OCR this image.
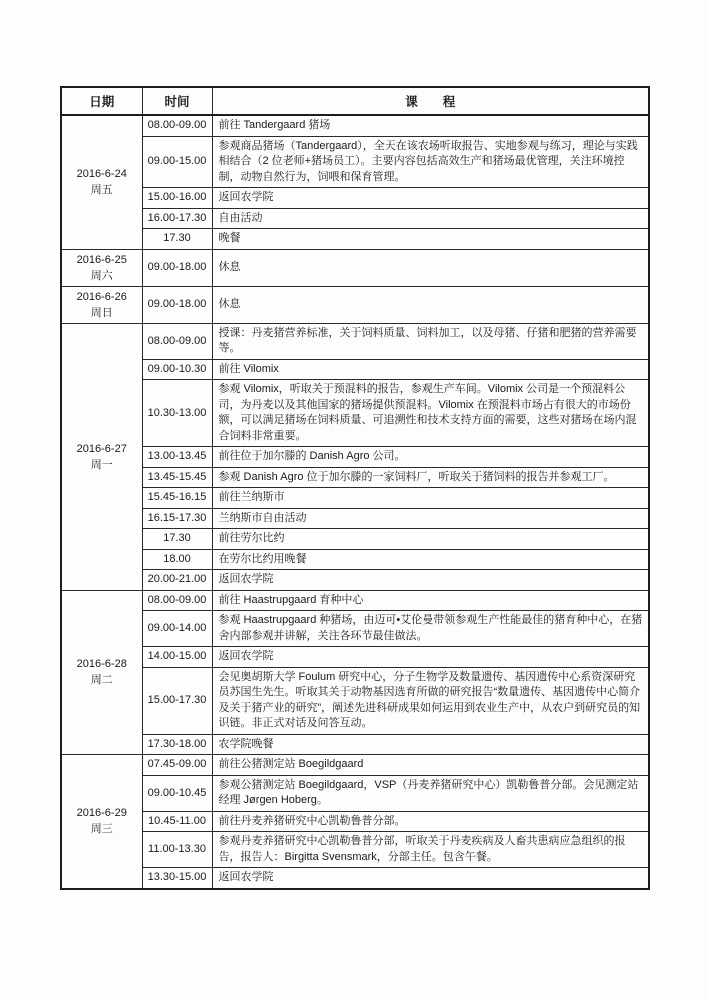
日期	时间	课　　程

2016-6-24
周五	08.00-09.00	前往 Tandergaard 猪场
	09.00-15.00	参观商品猪场（Tandergaard），全天在该农场听取报告、实地参观与练习，理论与实践相结合（2 位老师+猪场员工）。主要内容包括高效生产和猪场最优管理，关注环境控制，动物自然行为，饲喂和保育管理。
	15.00-16.00	返回农学院
	16.00-17.30	自由活动
	17.30	晚餐

2016-6-25
周六	09.00-18.00	休息

2016-6-26
周日	09.00-18.00	休息

2016-6-27
周一	08.00-09.00	授课：丹麦猪营养标准，关于饲料质量、饲料加工，以及母猪、仔猪和肥猪的营养需要等。
	09.00-10.30	前往 Vilomix
	10.30-13.00	参观 Vilomix，听取关于预混料的报告，参观生产车间。Vilomix 公司是一个预混料公司，为丹麦以及其他国家的猪场提供预混料。Vilomix 在预混料市场占有很大的市场份额，可以满足猪场在饲料质量、可追溯性和技术支持方面的需要，这些对猪场在场内混合饲料非常重要。
	13.00-13.45	前往位于加尔滕的 Danish Agro 公司。
	13.45-15.45	参观 Danish Agro 位于加尔滕的一家饲料厂，听取关于猪饲料的报告并参观工厂。
	15.45-16.15	前往兰纳斯市
	16.15-17.30	兰纳斯市自由活动
	17.30	前往劳尔比约
	18.00	在劳尔比约用晚餐
	20.00-21.00	返回农学院

2016-6-28
周二	08.00-09.00	前往 Haastrupgaard 育种中心
	09.00-14.00	参观 Haastrupgaard 种猪场，由迈可•艾伦曼带领参观生产性能最佳的猪育种中心，在猪舍内部参观并讲解，关注各环节最佳做法。
	14.00-15.00	返回农学院
	15.00-17.30	会见奥胡斯大学 Foulum 研究中心，分子生物学及数量遗传、基因遗传中心系资深研究员苏国生先生。听取其关于动物基因选育所做的研究报告“数量遗传、基因遗传中心简介及关于猪产业的研究”，阐述先进科研成果如何运用到农业生产中，从农户到研究员的知识链。非正式对话及问答互动。
	17.30-18.00	农学院晚餐

2016-6-29
周三	07.45-09.00	前往公猪测定站 Boegildgaard
	09.00-10.45	参观公猪测定站 Boegildgaard，VSP（丹麦养猪研究中心）凯勒鲁普分部。会见测定站经理 Jørgen Hoberg。
	10.45-11.00	前往丹麦养猪研究中心凯勒鲁普分部。
	11.00-13.30	参观丹麦养猪研究中心凯勒鲁普分部，听取关于丹麦疾病及人畜共患病应急组织的报告，报告人：Birgitta Svensmark，分部主任。包含午餐。
	13.30-15.00	返回农学院
